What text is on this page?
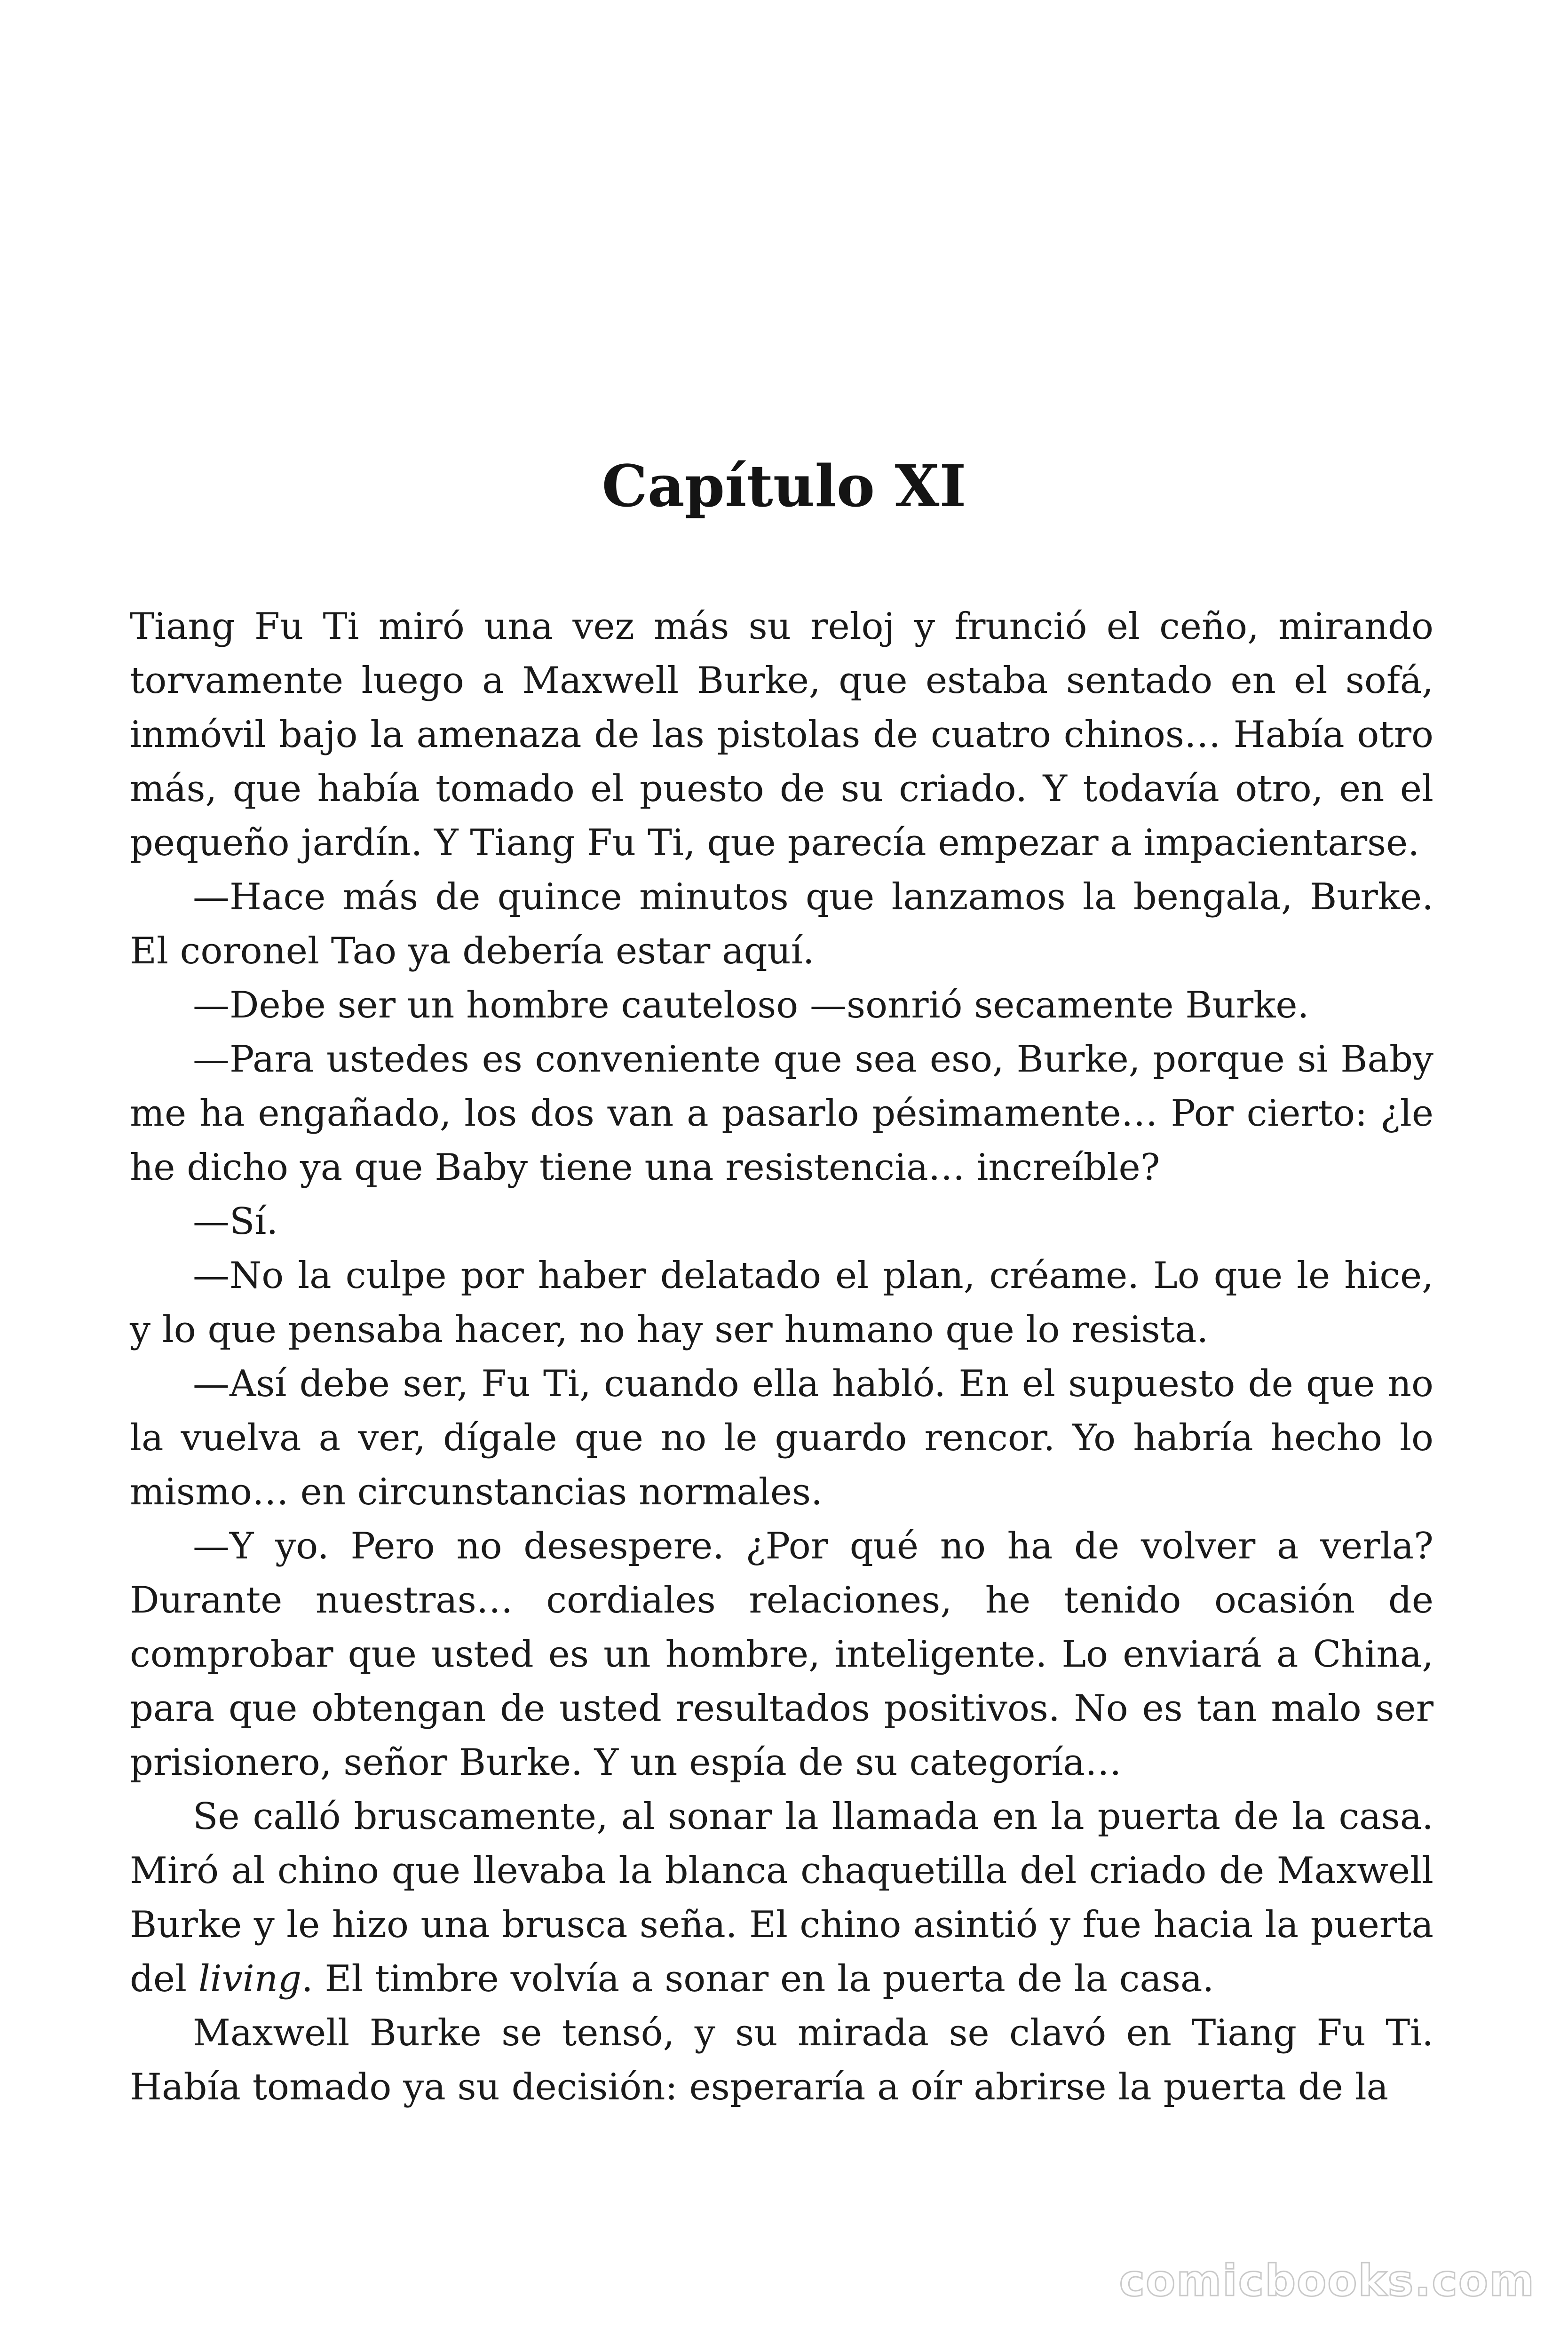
Capítulo XI

Tiang Fu Ti miró una vez más su reloj y frunció el ceño, mirando torvamente luego a Maxwell Burke, que estaba sentado en el sofá, inmóvil bajo la amenaza de las pistolas de cuatro chinos… Había otro más, que había tomado el puesto de su criado. Y todavía otro, en el pequeño jardín. Y Tiang Fu Ti, que parecía empezar a impacientarse.

—Hace más de quince minutos que lanzamos la bengala, Burke. El coronel Tao ya debería estar aquí.

—Debe ser un hombre cauteloso —sonrió secamente Burke.

—Para ustedes es conveniente que sea eso, Burke, porque si Baby me ha engañado, los dos van a pasarlo pésimamente… Por cierto: ¿le he dicho ya que Baby tiene una resistencia… increíble?

—Sí.

—No la culpe por haber delatado el plan, créame. Lo que le hice, y lo que pensaba hacer, no hay ser humano que lo resista.

—Así debe ser, Fu Ti, cuando ella habló. En el supuesto de que no la vuelva a ver, dígale que no le guardo rencor. Yo habría hecho lo mismo… en circunstancias normales.

—Y yo. Pero no desespere. ¿Por qué no ha de volver a verla? Durante nuestras… cordiales relaciones, he tenido ocasión de comprobar que usted es un hombre, inteligente. Lo enviará a China, para que obtengan de usted resultados positivos. No es tan malo ser prisionero, señor Burke. Y un espía de su categoría…

Se calló bruscamente, al sonar la llamada en la puerta de la casa. Miró al chino que llevaba la blanca chaquetilla del criado de Maxwell Burke y le hizo una brusca seña. El chino asintió y fue hacia la puerta del living. El timbre volvía a sonar en la puerta de la casa.

Maxwell Burke se tensó, y su mirada se clavó en Tiang Fu Ti. Había tomado ya su decisión: esperaría a oír abrirse la puerta de la

comicbooks.com
